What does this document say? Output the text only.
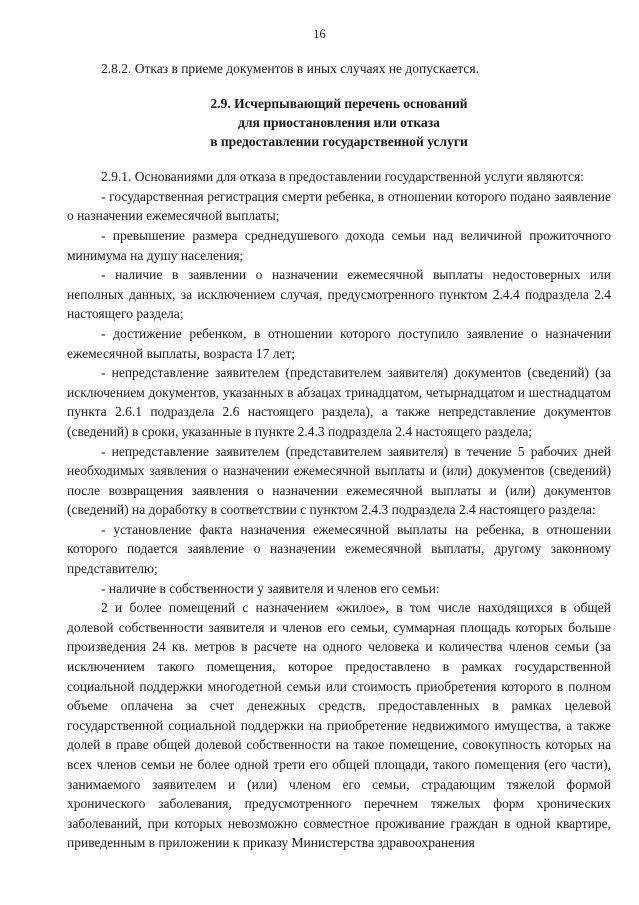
16

2.8.2. Отказ в приеме документов в иных случаях не допускается.

2.9. Исчерпывающий перечень оснований
для приостановления или отказа
в предоставлении государственной услуги

2.9.1. Основаниями для отказа в предоставлении государственной услуги являются:

- государственная регистрация смерти ребенка, в отношении которого подано заявление о назначении ежемесячной выплаты;

- превышение размера среднедушевого дохода семьи над величиной прожиточного минимума на душу населения;

- наличие в заявлении о назначении ежемесячной выплаты недостоверных или неполных данных, за исключением случая, предусмотренного пунктом 2.4.4 подраздела 2.4 настоящего раздела;

- достижение ребенком, в отношении которого поступило заявление о назначении ежемесячной выплаты, возраста 17 лет;

- непредставление заявителем (представителем заявителя) документов (сведений) (за исключением документов, указанных в абзацах тринадцатом, четырнадцатом и шестнадцатом пункта 2.6.1 подраздела 2.6 настоящего раздела), а также непредставление документов (сведений) в сроки, указанные в пункте 2.4.3 подраздела 2.4 настоящего раздела;

- непредставление заявителем (представителем заявителя) в течение 5 рабочих дней необходимых заявления о назначении ежемесячной выплаты и (или) документов (сведений) после возвращения заявления о назначении ежемесячной выплаты и (или) документов (сведений) на доработку в соответствии с пунктом 2.4.3 подраздела 2.4 настоящего раздела:

- установление факта назначения ежемесячной выплаты на ребенка, в отношении которого подается заявление о назначении ежемесячной выплаты, другому законному представителю;

- наличие в собственности у заявителя и членов его семьи:

2 и более помещений с назначением «жилое», в том числе находящихся в общей долевой собственности заявителя и членов его семьи, суммарная площадь которых больше произведения 24 кв. метров в расчете на одного человека и количества членов семьи (за исключением такого помещения, которое предоставлено в рамках государственной социальной поддержки многодетной семьи или стоимость приобретения которого в полном объеме оплачена за счет денежных средств, предоставленных в рамках целевой государственной социальной поддержки на приобретение недвижимого имущества, а также долей в праве общей долевой собственности на такое помещение, совокупность которых на всех членов семьи не более одной трети его общей площади, такого помещения (его части), занимаемого заявителем и (или) членом его семьи, страдающим тяжелой формой хронического заболевания, предусмотренного перечнем тяжелых форм хронических заболеваний, при которых невозможно совместное проживание граждан в одной квартире, приведенным в приложении к приказу Министерства здравоохранения
